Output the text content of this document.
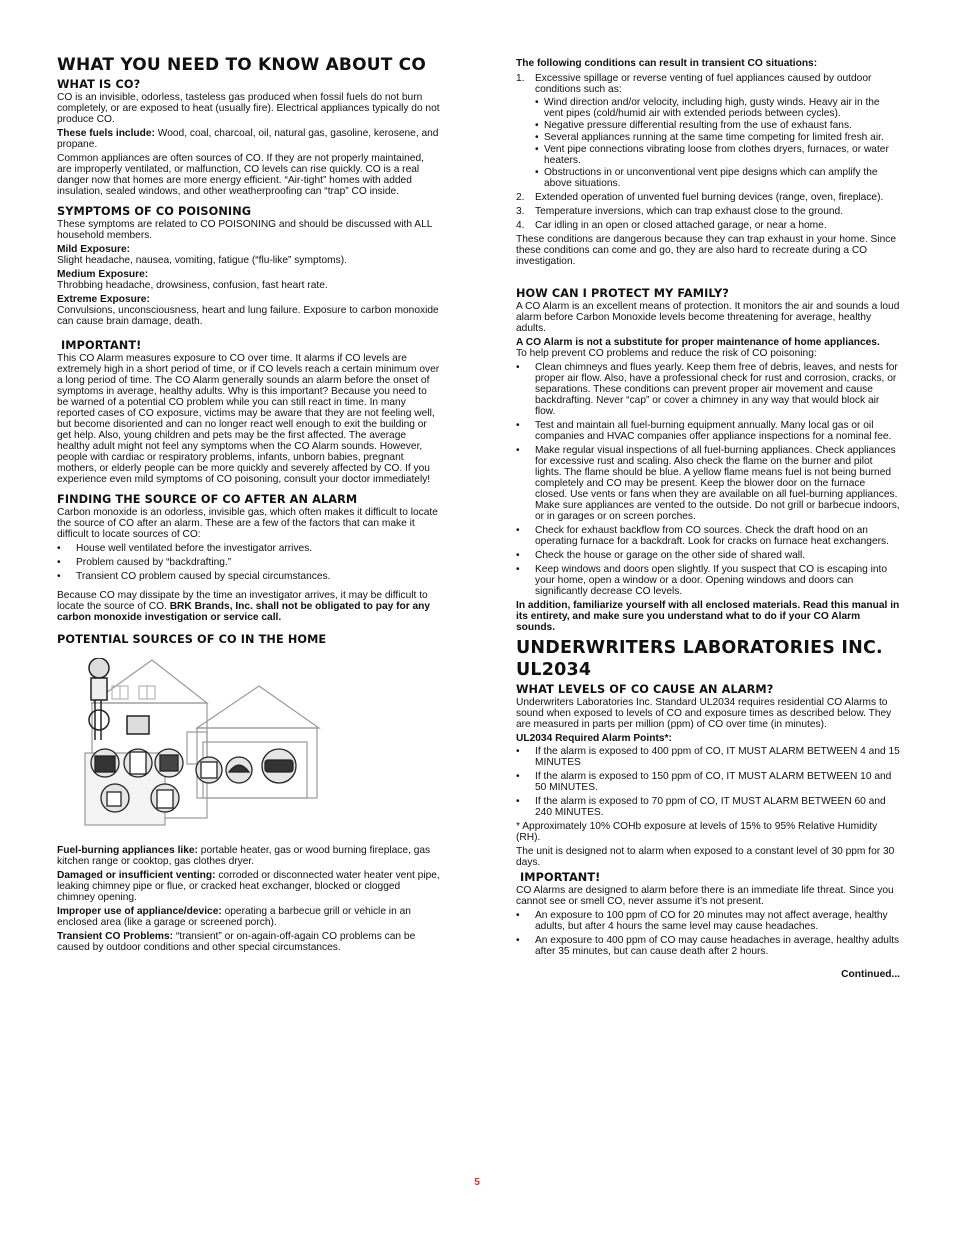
WHAT YOU NEED TO KNOW ABOUT CO
WHAT IS CO?

CO is an invisible, odorless, tasteless gas produced when fossil fuels do not burn completely, or are exposed to heat (usually fire). Electrical appliances typically do not produce CO.

These fuels include: Wood, coal, charcoal, oil, natural gas, gasoline, kerosene, and propane.

Common appliances are often sources of CO. If they are not properly maintained, are improperly ventilated, or malfunction, CO levels can rise quickly. CO is a real danger now that homes are more energy efficient. “Air-tight” homes with added insulation, sealed windows, and other weatherproofing can “trap” CO inside.

SYMPTOMS OF CO POISONING

These symptoms are related to CO POISONING and should be discussed with ALL household members.

Mild Exposure:

Slight headache, nausea, vomiting, fatigue (“flu-like” symptoms).

Medium Exposure:

Throbbing headache, drowsiness, confusion, fast heart rate.

Extreme Exposure:

Convulsions, unconsciousness, heart and lung failure. Exposure to carbon monoxide can cause brain damage, death.

IMPORTANT!

This CO Alarm measures exposure to CO over time. It alarms if CO levels are extremely high in a short period of time, or if CO levels reach a certain minimum over a long period of time. The CO Alarm generally sounds an alarm before the onset of symptoms in average, healthy adults. Why is this important? Because you need to be warned of a potential CO problem while you can still react in time. In many reported cases of CO exposure, victims may be aware that they are not feeling well, but become disoriented and can no longer react well enough to exit the building or get help. Also, young children and pets may be the first affected. The average healthy adult might not feel any symptoms when the CO Alarm sounds. However, people with cardiac or respiratory problems, infants, unborn babies, pregnant mothers, or elderly people can be more quickly and severely affected by CO. If you experience even mild symptoms of CO poisoning, consult your doctor immediately!

FINDING THE SOURCE OF CO AFTER AN ALARM

Carbon monoxide is an odorless, invisible gas, which often makes it difficult to locate the source of CO after an alarm. These are a few of the factors that can make it difficult to locate sources of CO:

• House well ventilated before the investigator arrives.
• Problem caused by “backdrafting.”
• Transient CO problem caused by special circumstances.

Because CO may dissipate by the time an investigator arrives, it may be difficult to locate the source of CO. BRK Brands, Inc. shall not be obligated to pay for any carbon monoxide investigation or service call.

POTENTIAL SOURCES OF CO IN THE HOME

Fuel-burning appliances like: portable heater, gas or wood burning fireplace, gas kitchen range or cooktop, gas clothes dryer.

Damaged or insufficient venting: corroded or disconnected water heater vent pipe, leaking chimney pipe or flue, or cracked heat exchanger, blocked or clogged chimney opening.

Improper use of appliance/device: operating a barbecue grill or vehicle in an enclosed area (like a garage or screened porch).

Transient CO Problems: “transient” or on-again-off-again CO problems can be caused by outdoor conditions and other special circumstances.

The following conditions can result in transient CO situations:

1. Excessive spillage or reverse venting of fuel appliances caused by outdoor conditions such as:
• Wind direction and/or velocity, including high, gusty winds. Heavy air in the vent pipes (cold/humid air with extended periods between cycles).
• Negative pressure differential resulting from the use of exhaust fans.
• Several appliances running at the same time competing for limited fresh air.
• Vent pipe connections vibrating loose from clothes dryers, furnaces, or water heaters.
• Obstructions in or unconventional vent pipe designs which can amplify the above situations.
2. Extended operation of unvented fuel burning devices (range, oven, fireplace).
3. Temperature inversions, which can trap exhaust close to the ground.
4. Car idling in an open or closed attached garage, or near a home.

These conditions are dangerous because they can trap exhaust in your home. Since these conditions can come and go, they are also hard to recreate during a CO investigation.

HOW CAN I PROTECT MY FAMILY?

A CO Alarm is an excellent means of protection. It monitors the air and sounds a loud alarm before Carbon Monoxide levels become threatening for average, healthy adults.

A CO Alarm is not a substitute for proper maintenance of home appliances.

To help prevent CO problems and reduce the risk of CO poisoning:

• Clean chimneys and flues yearly. Keep them free of debris, leaves, and nests for proper air flow. Also, have a professional check for rust and corrosion, cracks, or separations. These conditions can prevent proper air movement and cause backdrafting. Never “cap” or cover a chimney in any way that would block air flow.
• Test and maintain all fuel-burning equipment annually. Many local gas or oil companies and HVAC companies offer appliance inspections for a nominal fee.
• Make regular visual inspections of all fuel-burning appliances. Check appliances for excessive rust and scaling. Also check the flame on the burner and pilot lights. The flame should be blue. A yellow flame means fuel is not being burned completely and CO may be present. Keep the blower door on the furnace closed. Use vents or fans when they are available on all fuel-burning appliances. Make sure appliances are vented to the outside. Do not grill or barbecue indoors, or in garages or on screen porches.
• Check for exhaust backflow from CO sources. Check the draft hood on an operating furnace for a backdraft. Look for cracks on furnace heat exchangers.
• Check the house or garage on the other side of shared wall.
• Keep windows and doors open slightly. If you suspect that CO is escaping into your home, open a window or a door. Opening windows and doors can significantly decrease CO levels.

In addition, familiarize yourself with all enclosed materials. Read this manual in its entirety, and make sure you understand what to do if your CO Alarm sounds.

UNDERWRITERS LABORATORIES INC. UL2034
WHAT LEVELS OF CO CAUSE AN ALARM?

Underwriters Laboratories Inc. Standard UL2034 requires residential CO Alarms to sound when exposed to levels of CO and exposure times as described below. They are measured in parts per million (ppm) of CO over time (in minutes).

UL2034 Required Alarm Points*:

• If the alarm is exposed to 400 ppm of CO, IT MUST ALARM BETWEEN 4 and 15 MINUTES
• If the alarm is exposed to 150 ppm of CO, IT MUST ALARM BETWEEN 10 and 50 MINUTES.
• If the alarm is exposed to 70 ppm of CO, IT MUST ALARM BETWEEN 60 and 240 MINUTES.

* Approximately 10% COHb exposure at levels of 15% to 95% Relative Humidity (RH).

The unit is designed not to alarm when exposed to a constant level of 30 ppm for 30 days.

IMPORTANT!

CO Alarms are designed to alarm before there is an immediate life threat. Since you cannot see or smell CO, never assume it’s not present.

• An exposure to 100 ppm of CO for 20 minutes may not affect average, healthy adults, but after 4 hours the same level may cause headaches.
• An exposure to 400 ppm of CO may cause headaches in average, healthy adults after 35 minutes, but can cause death after 2 hours.

Continued...

5
